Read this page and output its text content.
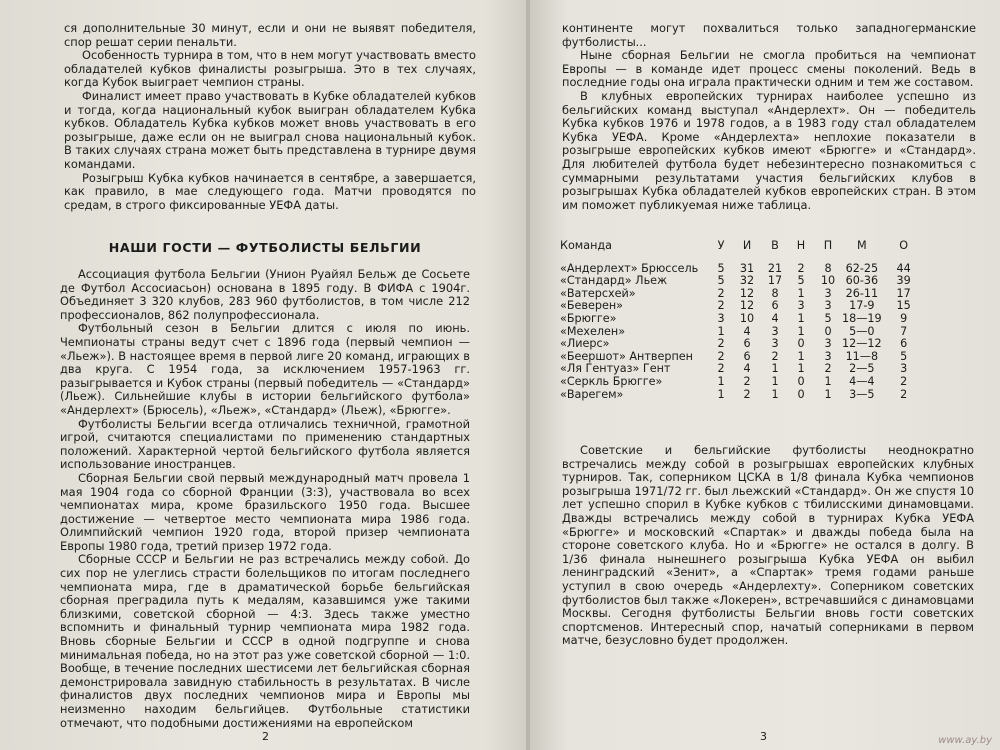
ся дополнительные 30 минут, если и они не выявят победителя, спор решат серии пенальти.

Особенность турнира в том, что в нем могут участвовать вместо обладателей кубков финалисты розыгрыша. Это в тех случаях, когда Кубок выиграет чемпион страны.

Финалист имеет право участвовать в Кубке обладателей кубков и тогда, когда национальный кубок выигран обладателем Кубка кубков. Обладатель Кубка кубков может вновь участвовать в его розыгрыше, даже если он не выиграл снова национальный кубок. В таких случаях страна может быть представлена в турнире двумя командами.

Розыгрыш Кубка кубков начинается в сентябре, а завершается, как правило, в мае следующего года. Матчи проводятся по средам, в строго фиксированные УЕФА даты.

НАШИ ГОСТИ — ФУТБОЛИСТЫ БЕЛЬГИИ

Ассоциация футбола Бельгии (Унион Руайял Бельж де Сосьете де Футбол Ассосиасьон) основана в 1895 году. В ФИФА с 1904г. Объединяет 3 320 клубов, 283 960 футболистов, в том числе 212 профессионалов, 862 полупрофессионала.

Футбольный сезон в Бельгии длится с июля по июнь. Чемпионаты страны ведут счет с 1896 года (первый чемпион — «Льеж»). В настоящее время в первой лиге 20 команд, играющих в два круга. С 1954 года, за исключением 1957-1963 гг. разыгрывается и Кубок страны (первый победитель — «Стандард» (Льеж). Сильнейшие клубы в истории бельгийского футбола» «Андерлехт» (Брюсель), «Льеж», «Стандард» (Льеж), «Брюгге».

Футболисты Бельгии всегда отличались техничной, грамотной игрой, считаются специалистами по применению стандартных положений. Характерной чертой бельгийского футбола является использование иностранцев.

Сборная Бельгии свой первый международный матч провела 1 мая 1904 года со сборной Франции (3:3), участвовала во всех чемпионатах мира, кроме бразильского 1950 года. Высшее достижение — четвертое место чемпионата мира 1986 года. Олимпийский чемпион 1920 года, второй призер чемпионата Европы 1980 года, третий призер 1972 года.

Сборные СССР и Бельгии не раз встречались между собой. До сих пор не улеглись страсти болельщиков по итогам последнего чемпионата мира, где в драматической борьбе бельгийская сборная преградила путь к медалям, казавшимся уже такими близкими, советской сборной — 4:3. Здесь также уместно вспомнить и финальный турнир чемпионата мира 1982 года. Вновь сборные Бельгии и СССР в одной подгруппе и снова минимальная победа, но на этот раз уже советской сборной — 1:0. Вообще, в течение последних шестисеми лет бельгийская сборная демонстрировала завидную стабильность в результатах. В числе финалистов двух последних чемпионов мира и Европы мы неизменно находим бельгийцев. Футбольные статистики отмечают, что подобными достижениями на европейском

2	www.ay.by
3

континенте могут похвалиться только западногерманские футболисты...

Ныне сборная Бельгии не смогла пробиться на чемпионат Европы — в команде идет процесс смены поколений. Ведь в последние годы она играла практически одним и тем же составом.

В клубных европейских турнирах наиболее успешно из бельгийских команд выступал «Андерлехт». Он — победитель Кубка кубков 1976 и 1978 годов, а в 1983 году стал обладателем Кубка УЕФА. Кроме «Андерлехта» неплохие показатели в розыгрыше европейских кубков имеют «Брюгге» и «Стандард». Для любителей футбола будет небезинтересно познакомиться с суммарными результатами участия бельгийских клубов в розыгрышах Кубка обладателей кубков европейских стран. В этом им поможет публикуемая ниже таблица.

Команда	У	И	В	Н	П	М	О
«Андерлехт» Брюссель	5	31	21	2	8	62-25	44
«Стандард» Льеж	5	32	17	5	10	60-36	39
«Ватерсхей»	2	12	8	1	3	26-11	17
«Беверен»	2	12	6	3	3	17-9	15
«Брюгге»	3	10	4	1	5	18—19	9
«Мехелен»	1	4	3	1	0	5—0	7
«Лиерс»	2	6	3	0	3	12—12	6
«Беершот» Антверпен	2	6	2	1	3	11—8	5
«Ля Гентуаз» Гент	2	4	1	1	2	2—5	3
«Серкль Брюгге»	1	2	1	0	1	4—4	2
«Варегем»	1	2	1	0	1	3—5	2

Советские и бельгийские футболисты неоднократно встречались между собой в розыгрышах европейских клубных турниров. Так, соперником ЦСКА в 1/8 финала Кубка чемпионов розыгрыша 1971/72 гг. был льежский «Стандард». Он же спустя 10 лет успешно спорил в Кубке кубков с тбилисскими динамовцами. Дважды встречались между собой в турнирах Кубка УЕФА «Брюгге» и московский «Спартак» и дважды победа была на стороне советского клуба. Но и «Брюгге» не остался в долгу. В 1/36 финала нынешнего розыгрыша Кубка УЕФА он выбил ленинградский «Зенит», а «Спартак» тремя годами раньше уступил в свою очередь «Андерлехту». Соперником советских футболистов был также «Локерен», встречавшийся с динамовцами Москвы. Сегодня футболисты Бельгии вновь гости советских спортсменов. Интересный спор, начатый соперниками в первом матче, безусловно будет продолжен.
